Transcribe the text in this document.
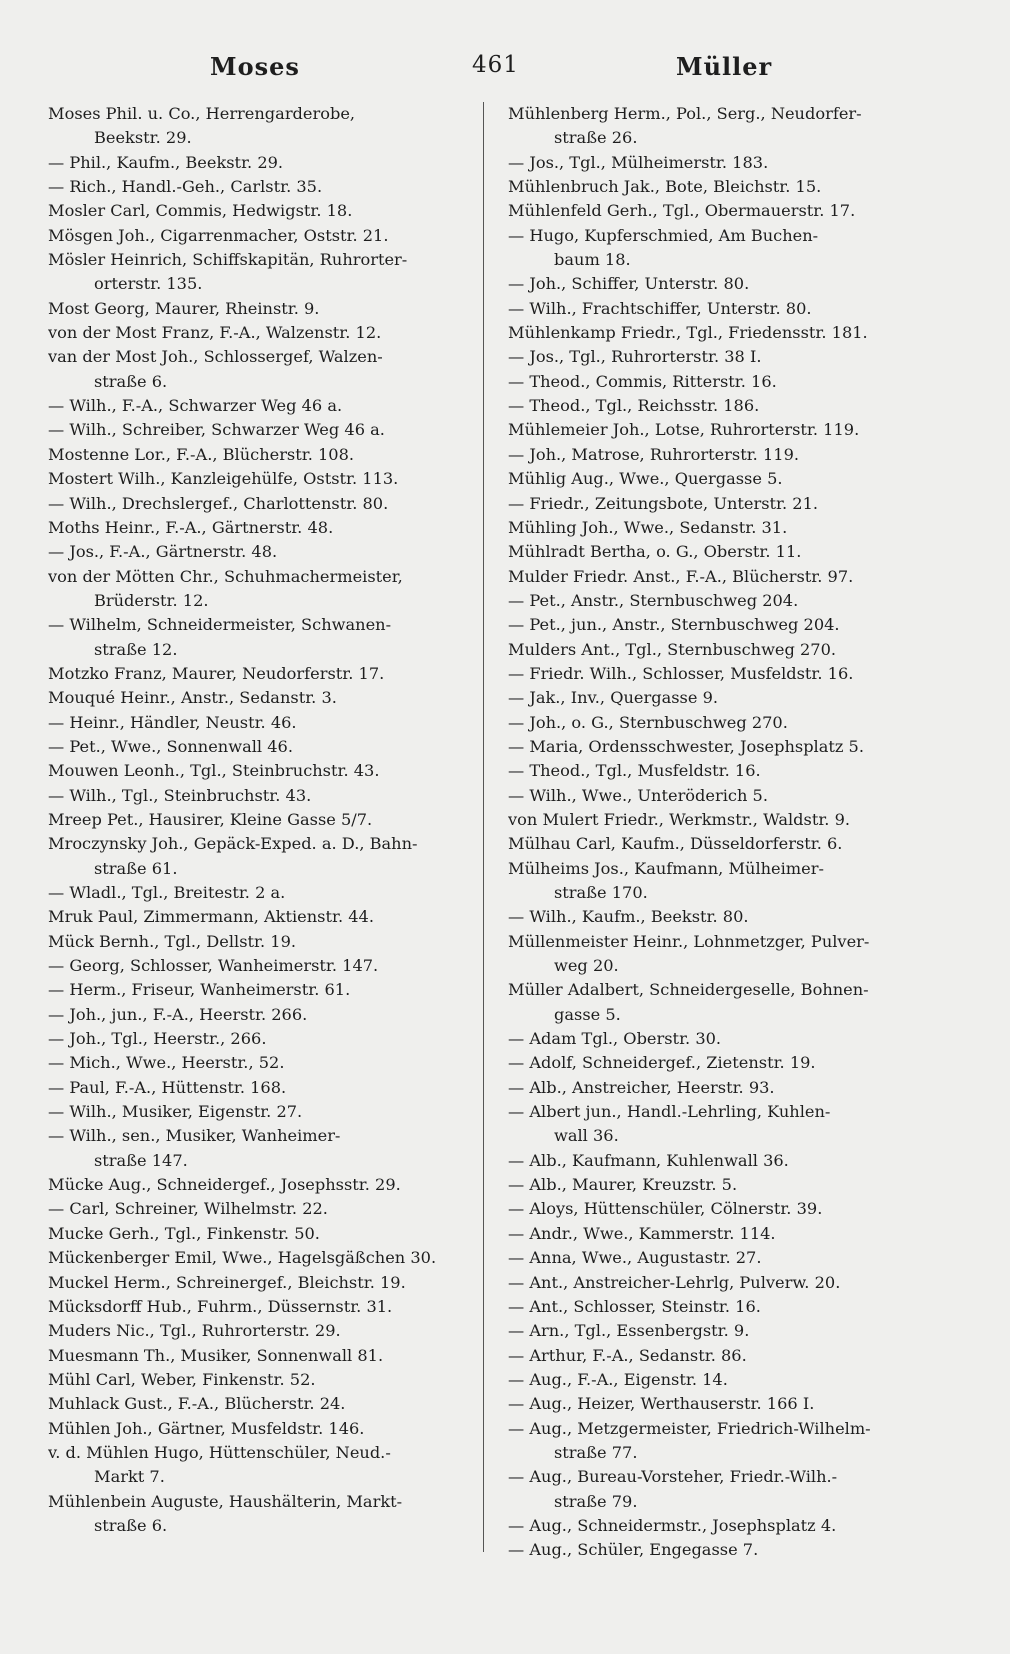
Moses	461	Müller
Moses Phil. u. Co., Herrengarderobe,
Beekstr. 29.
— Phil., Kaufm., Beekstr. 29.
— Rich., Handl.-Geh., Carlstr. 35.
Mosler Carl, Commis, Hedwigstr. 18.
Mösgen Joh., Cigarrenmacher, Oststr. 21.
Mösler Heinrich, Schiffskapitän, Ruhrorter-
orterstr. 135.
Most Georg, Maurer, Rheinstr. 9.
von der Most Franz, F.-A., Walzenstr. 12.
van der Most Joh., Schlossergef, Walzen-
straße 6.
— Wilh., F.-A., Schwarzer Weg 46 a.
— Wilh., Schreiber, Schwarzer Weg 46 a.
Mostenne Lor., F.-A., Blücherstr. 108.
Mostert Wilh., Kanzleigehülfe, Oststr. 113.
— Wilh., Drechslergef., Charlottenstr. 80.
Moths Heinr., F.-A., Gärtnerstr. 48.
— Jos., F.-A., Gärtnerstr. 48.
von der Mötten Chr., Schuhmachermeister,
Brüderstr. 12.
— Wilhelm, Schneidermeister, Schwanen-
straße 12.
Motzko Franz, Maurer, Neudorferstr. 17.
Mouqué Heinr., Anstr., Sedanstr. 3.
— Heinr., Händler, Neustr. 46.
— Pet., Wwe., Sonnenwall 46.
Mouwen Leonh., Tgl., Steinbruchstr. 43.
— Wilh., Tgl., Steinbruchstr. 43.
Mreep Pet., Hausirer, Kleine Gasse 5/7.
Mroczynsky Joh., Gepäck-Exped. a. D., Bahn-
straße 61.
— Wladl., Tgl., Breitestr. 2 a.
Mruk Paul, Zimmermann, Aktienstr. 44.
Mück Bernh., Tgl., Dellstr. 19.
— Georg, Schlosser, Wanheimerstr. 147.
— Herm., Friseur, Wanheimerstr. 61.
— Joh., jun., F.-A., Heerstr. 266.
— Joh., Tgl., Heerstr., 266.
— Mich., Wwe., Heerstr., 52.
— Paul, F.-A., Hüttenstr. 168.
— Wilh., Musiker, Eigenstr. 27.
— Wilh., sen., Musiker, Wanheimer-
straße 147.
Mücke Aug., Schneidergef., Josephsstr. 29.
— Carl, Schreiner, Wilhelmstr. 22.
Mucke Gerh., Tgl., Finkenstr. 50.
Mückenberger Emil, Wwe., Hagelsgäßchen 30.
Muckel Herm., Schreinergef., Bleichstr. 19.
Mücksdorff Hub., Fuhrm., Düssernstr. 31.
Muders Nic., Tgl., Ruhrorterstr. 29.
Muesmann Th., Musiker, Sonnenwall 81.
Mühl Carl, Weber, Finkenstr. 52.
Muhlack Gust., F.-A., Blücherstr. 24.
Mühlen Joh., Gärtner, Musfeldstr. 146.
v. d. Mühlen Hugo, Hüttenschüler, Neud.-
Markt 7.
Mühlenbein Auguste, Haushälterin, Markt-
straße 6.
Mühlenberg Herm., Pol., Serg., Neudorfer-
straße 26.
— Jos., Tgl., Mülheimerstr. 183.
Mühlenbruch Jak., Bote, Bleichstr. 15.
Mühlenfeld Gerh., Tgl., Obermauerstr. 17.
— Hugo, Kupferschmied, Am Buchen-
baum 18.
— Joh., Schiffer, Unterstr. 80.
— Wilh., Frachtschiffer, Unterstr. 80.
Mühlenkamp Friedr., Tgl., Friedensstr. 181.
— Jos., Tgl., Ruhrorterstr. 38 I.
— Theod., Commis, Ritterstr. 16.
— Theod., Tgl., Reichsstr. 186.
Mühlemeier Joh., Lotse, Ruhrorterstr. 119.
— Joh., Matrose, Ruhrorterstr. 119.
Mühlig Aug., Wwe., Quergasse 5.
— Friedr., Zeitungsbote, Unterstr. 21.
Mühling Joh., Wwe., Sedanstr. 31.
Mühlradt Bertha, o. G., Oberstr. 11.
Mulder Friedr. Anst., F.-A., Blücherstr. 97.
— Pet., Anstr., Sternbuschweg 204.
— Pet., jun., Anstr., Sternbuschweg 204.
Mulders Ant., Tgl., Sternbuschweg 270.
— Friedr. Wilh., Schlosser, Musfeldstr. 16.
— Jak., Inv., Quergasse 9.
— Joh., o. G., Sternbuschweg 270.
— Maria, Ordensschwester, Josephsplatz 5.
— Theod., Tgl., Musfeldstr. 16.
— Wilh., Wwe., Unteröderich 5.
von Mulert Friedr., Werkmstr., Waldstr. 9.
Mülhau Carl, Kaufm., Düsseldorferstr. 6.
Mülheims Jos., Kaufmann, Mülheimer-
straße 170.
— Wilh., Kaufm., Beekstr. 80.
Müllenmeister Heinr., Lohnmetzger, Pulver-
weg 20.
Müller Adalbert, Schneidergeselle, Bohnen-
gasse 5.
— Adam Tgl., Oberstr. 30.
— Adolf, Schneidergef., Zietenstr. 19.
— Alb., Anstreicher, Heerstr. 93.
— Albert jun., Handl.-Lehrling, Kuhlen-
wall 36.
— Alb., Kaufmann, Kuhlenwall 36.
— Alb., Maurer, Kreuzstr. 5.
— Aloys, Hüttenschüler, Cölnerstr. 39.
— Andr., Wwe., Kammerstr. 114.
— Anna, Wwe., Augustastr. 27.
— Ant., Anstreicher-Lehrlg, Pulverw. 20.
— Ant., Schlosser, Steinstr. 16.
— Arn., Tgl., Essenbergstr. 9.
— Arthur, F.-A., Sedanstr. 86.
— Aug., F.-A., Eigenstr. 14.
— Aug., Heizer, Werthauserstr. 166 I.
— Aug., Metzgermeister, Friedrich-Wilhelm-
straße 77.
— Aug., Bureau-Vorsteher, Friedr.-Wilh.-
straße 79.
— Aug., Schneidermstr., Josephsplatz 4.
— Aug., Schüler, Engegasse 7.
